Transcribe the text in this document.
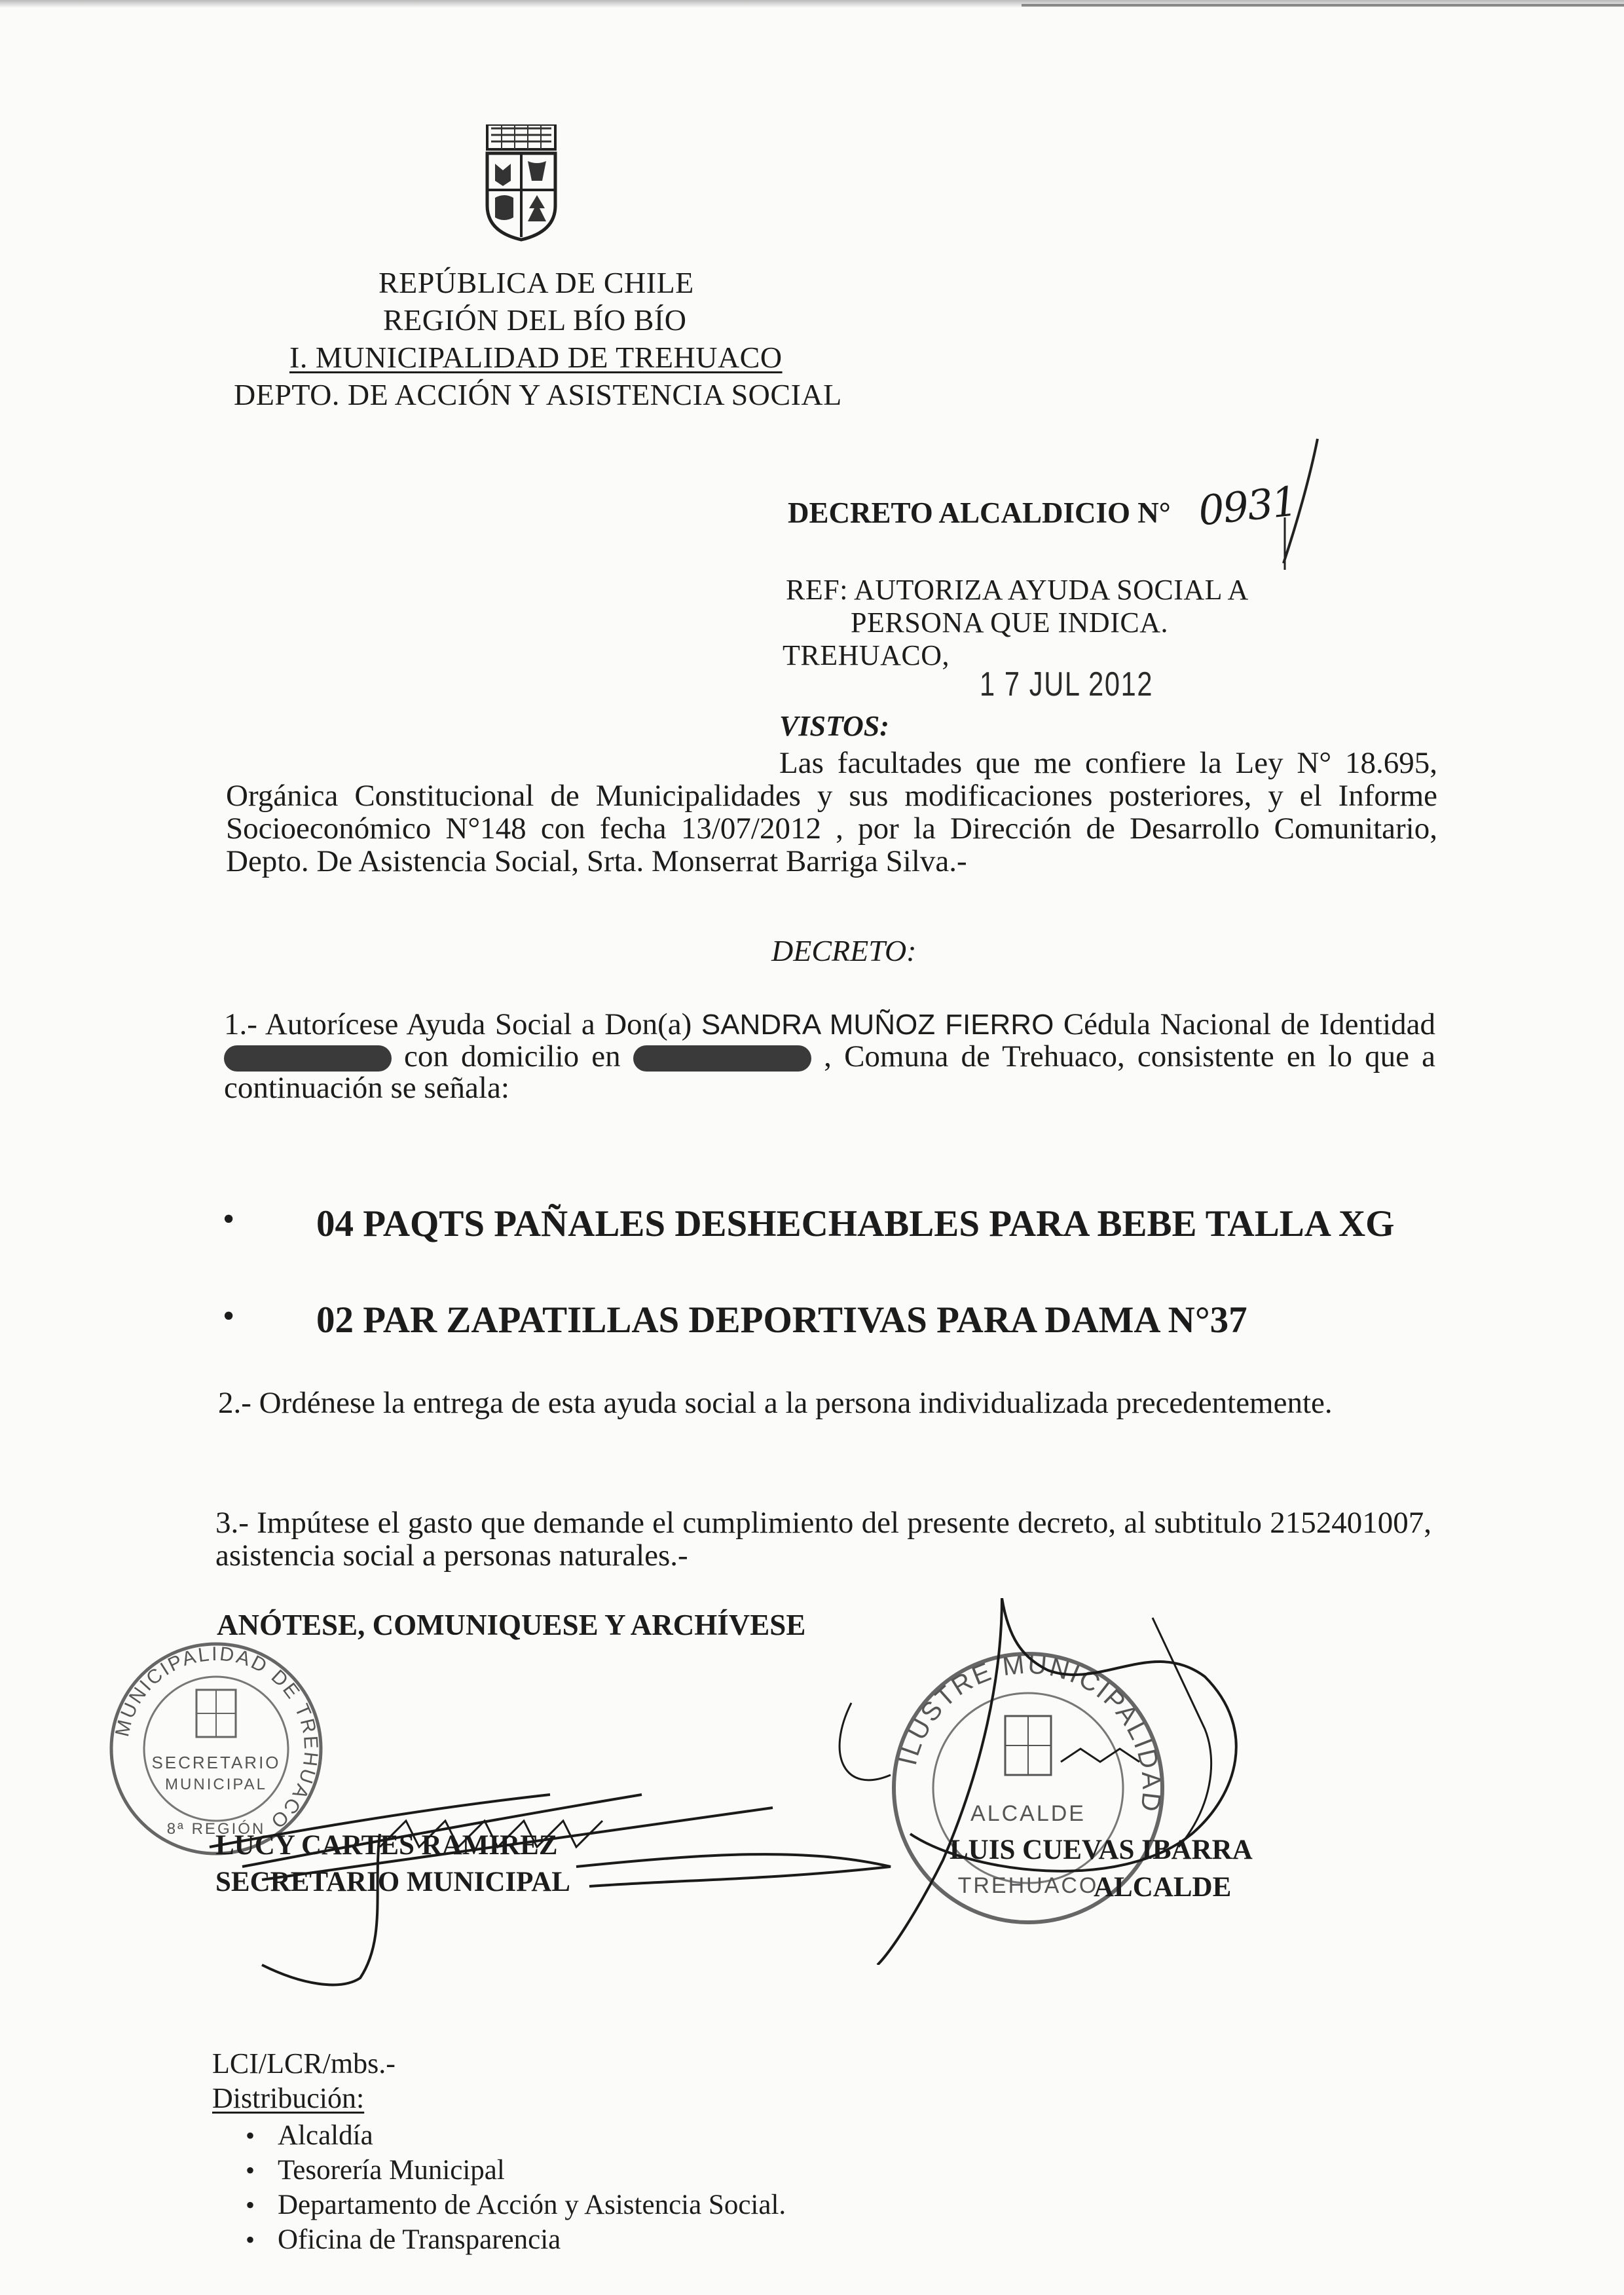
REPÚBLICA DE CHILE
REGIÓN DEL BÍO BÍO
I. MUNICIPALIDAD DE TREHUACO
DEPTO. DE ACCIÓN Y ASISTENCIA SOCIAL
DECRETO ALCALDICIO N° 0931
REF: AUTORIZA AYUDA SOCIAL A
PERSONA QUE INDICA.
TREHUACO,
1 7 JUL 2012
VISTOS:
Las facultades que me confiere la Ley N° 18.695, Orgánica Constitucional de Municipalidades y sus modificaciones posteriores, y el Informe Socioeconómico N°148 con fecha 13/07/2012 , por la Dirección de Desarrollo Comunitario, Depto. De Asistencia Social, Srta. Monserrat Barriga Silva.-
DECRETO:
1.- Autorícese Ayuda Social a Don(a) SANDRA MUÑOZ FIERRO Cédula Nacional de Identidad N° 14352885-5 con domicilio en Sector Pachagua , Comuna de Trehuaco, consistente en lo que a continuación se señala:
• 04 PAQTS PAÑALES DESHECHABLES PARA BEBE TALLA XG
• 02 PAR ZAPATILLAS DEPORTIVAS PARA DAMA N°37
2.- Ordénese la entrega de esta ayuda social a la persona individualizada precedentemente.
3.- Impútese el gasto que demande el cumplimiento del presente decreto, al subtitulo 2152401007, asistencia social a personas naturales.-
ANÓTESE, COMUNIQUESE Y ARCHÍVESE
MUNICIPALIDAD DE TREHUACO
SECRETARIO
MUNICIPAL
8ª REGIÓN
ILUSTRE MUNICIPALIDAD
ALCALDE
TREHUACO
LUCY CARTES RAMIREZ
SECRETARIO MUNICIPAL
LUIS CUEVAS IBARRA
ALCALDE
LCI/LCR/mbs.-
Distribución:
• Alcaldía
• Tesorería Municipal
• Departamento de Acción y Asistencia Social.
• Oficina de Transparencia
